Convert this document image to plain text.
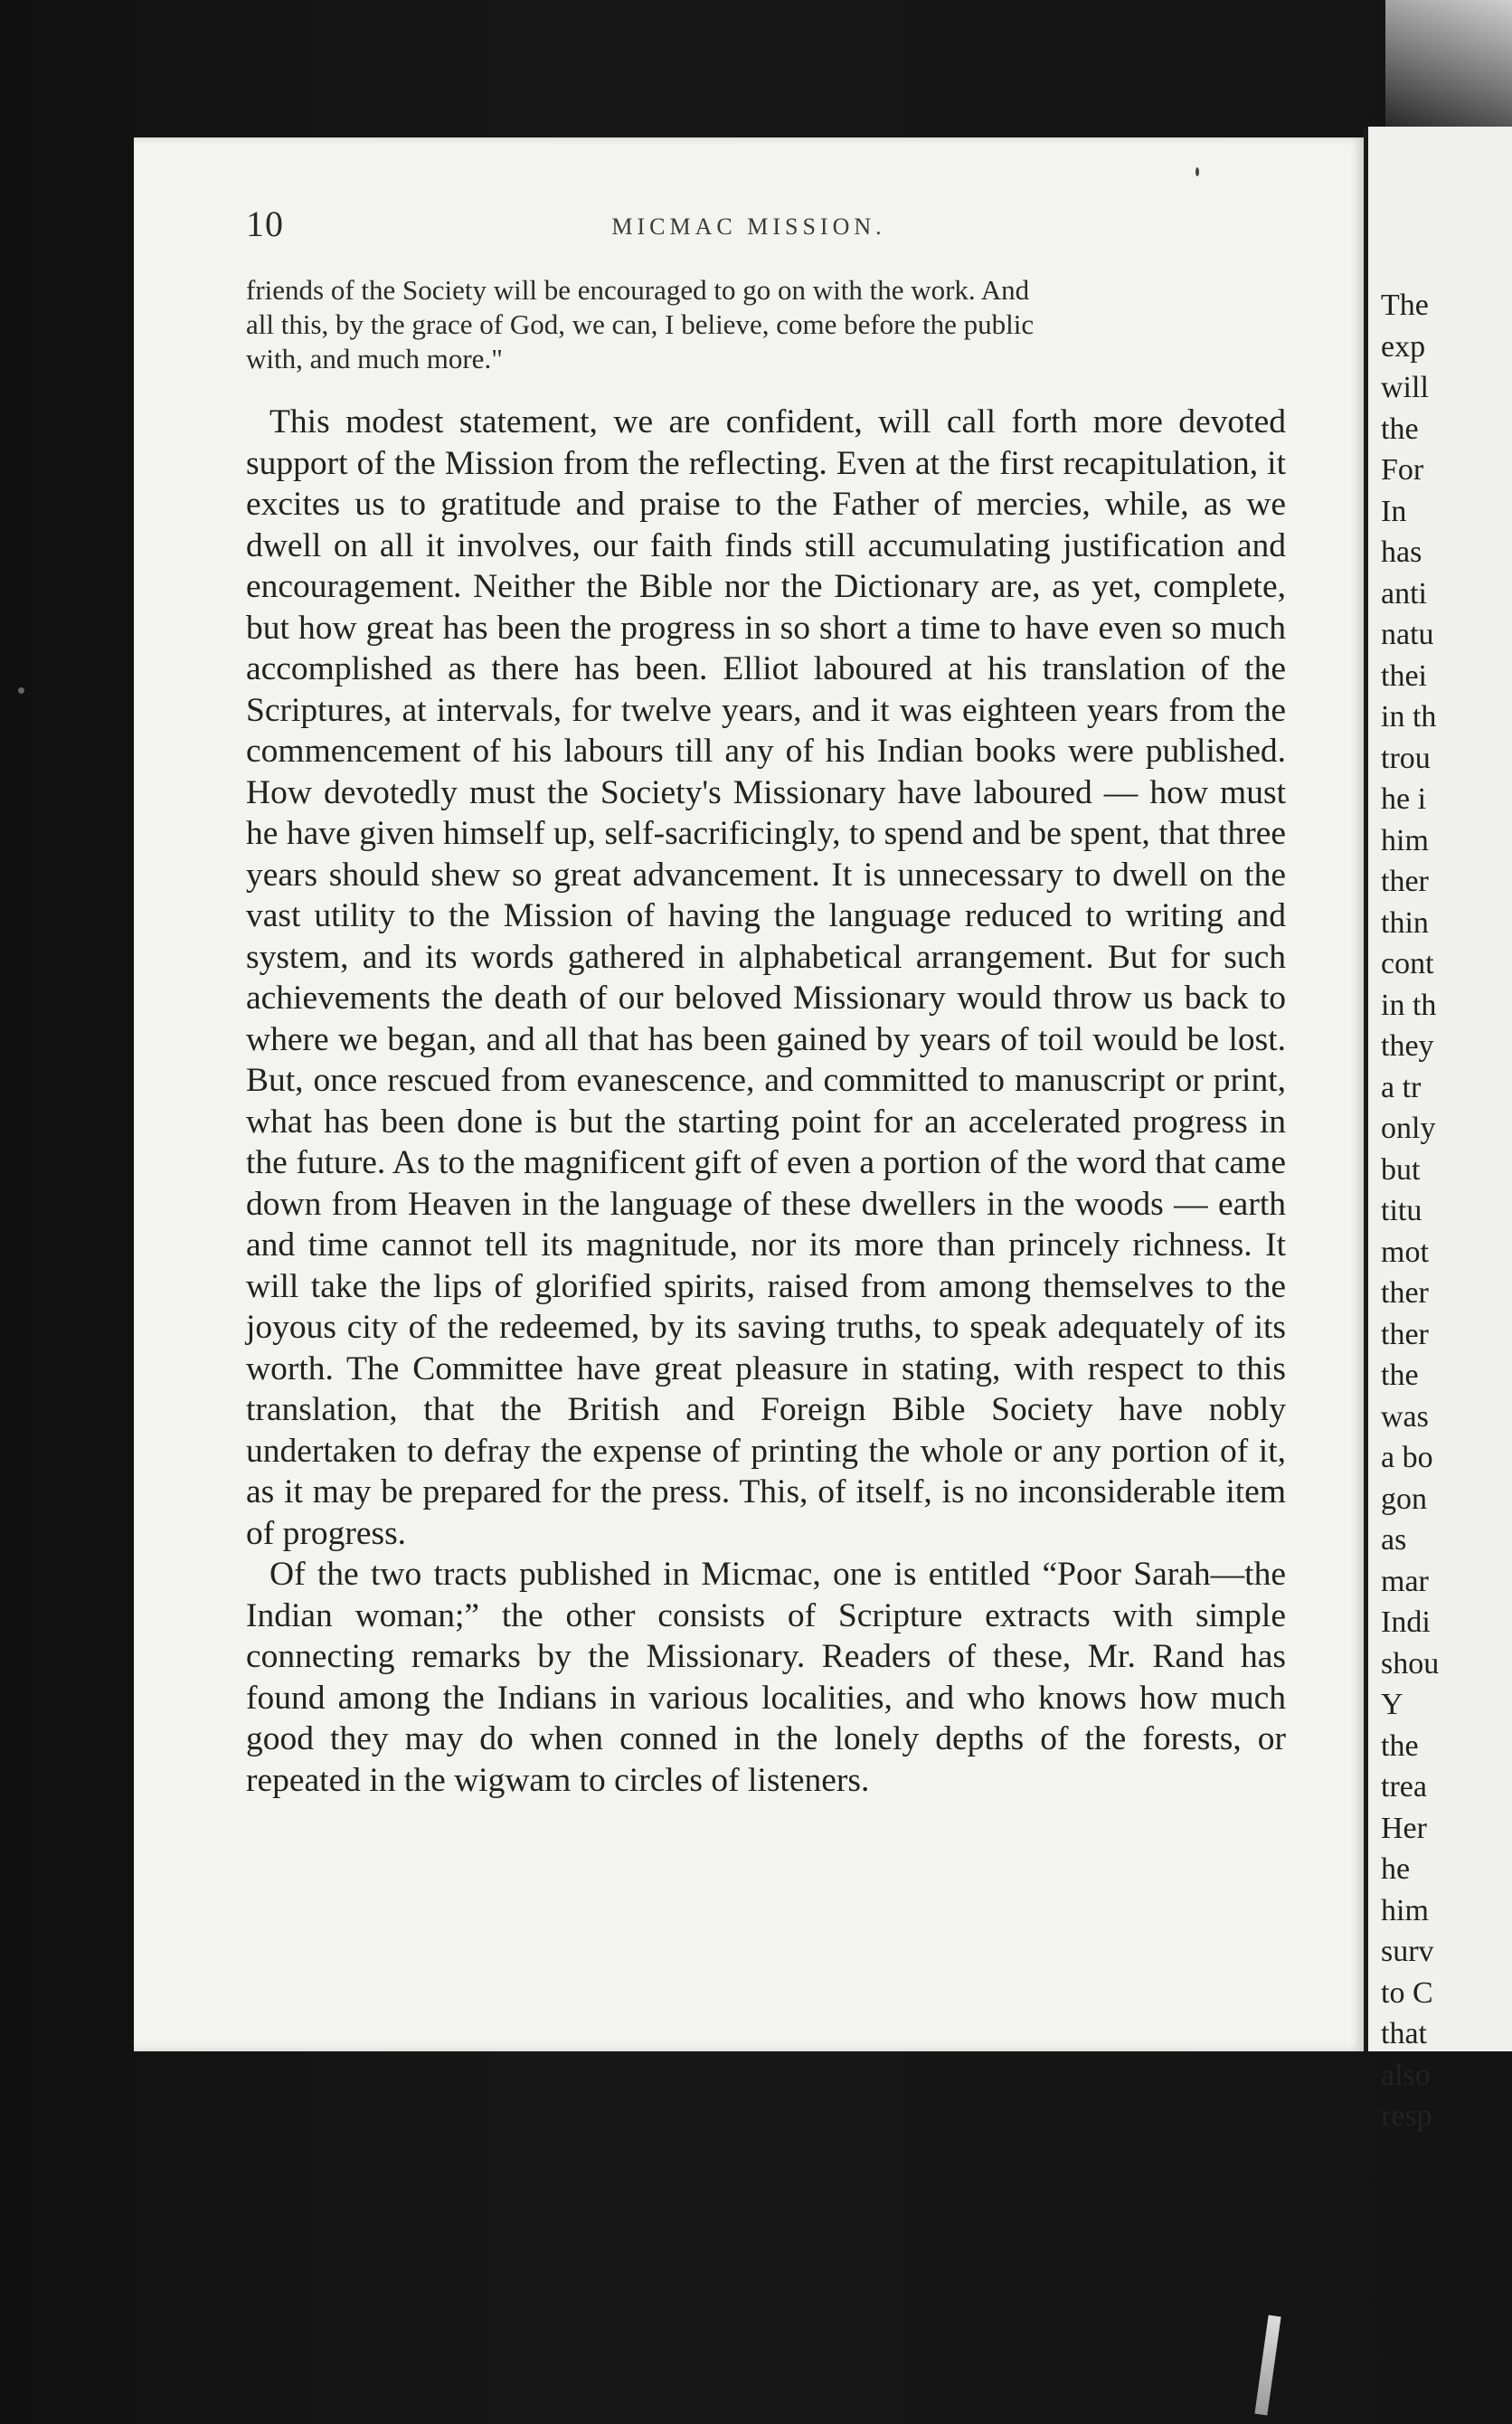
10	MICMAC MISSION.
friends of the Society will be encouraged to go on with the work. And
all this, by the grace of God, we can, I believe, come before the public
with, and much more."

This modest statement, we are confident, will call forth more devoted support of the Mission from the reflecting. Even at the first recapitulation, it excites us to gratitude and praise to the Father of mercies, while, as we dwell on all it involves, our faith finds still accumulating justification and encouragement. Neither the Bible nor the Dictionary are, as yet, complete, but how great has been the progress in so short a time to have even so much accomplished as there has been. Elliot laboured at his translation of the Scriptures, at intervals, for twelve years, and it was eighteen years from the commencement of his labours till any of his Indian books were published. How devotedly must the Society's Missionary have laboured — how must he have given himself up, self-sacrificingly, to spend and be spent, that three years should shew so great advancement. It is unnecessary to dwell on the vast utility to the Mission of having the language reduced to writing and system, and its words gathered in alphabetical arrangement. But for such achievements the death of our beloved Missionary would throw us back to where we began, and all that has been gained by years of toil would be lost. But, once rescued from evanescence, and committed to manuscript or print, what has been done is but the starting point for an accelerated progress in the future. As to the magnificent gift of even a portion of the word that came down from Heaven in the language of these dwellers in the woods — earth and time cannot tell its magnitude, nor its more than princely richness. It will take the lips of glorified spirits, raised from among themselves to the joyous city of the redeemed, by its saving truths, to speak adequately of its worth. The Committee have great pleasure in stating, with respect to this translation, that the British and Foreign Bible Society have nobly undertaken to defray the expense of printing the whole or any portion of it, as it may be prepared for the press. This, of itself, is no inconsiderable item of progress.

Of the two tracts published in Micmac, one is entitled “Poor Sarah—the Indian woman;” the other consists of Scripture extracts with simple connecting remarks by the Missionary. Readers of these, Mr. Rand has found among the Indians in various localities, and who knows how much good they may do when conned in the lonely depths of the forests, or repeated in the wigwam to circles of listeners.

The
exp
will
the
For
In
has
anti
natu
thei
in th
trou
he i
him
ther
thin
cont
in th
they
a tr
only
but
titu
mot
ther
ther
the
was
a bo
gon
as
mar
Indi
shou
Y
the
trea
Her
he
him
surv
to C
that
also
resp
